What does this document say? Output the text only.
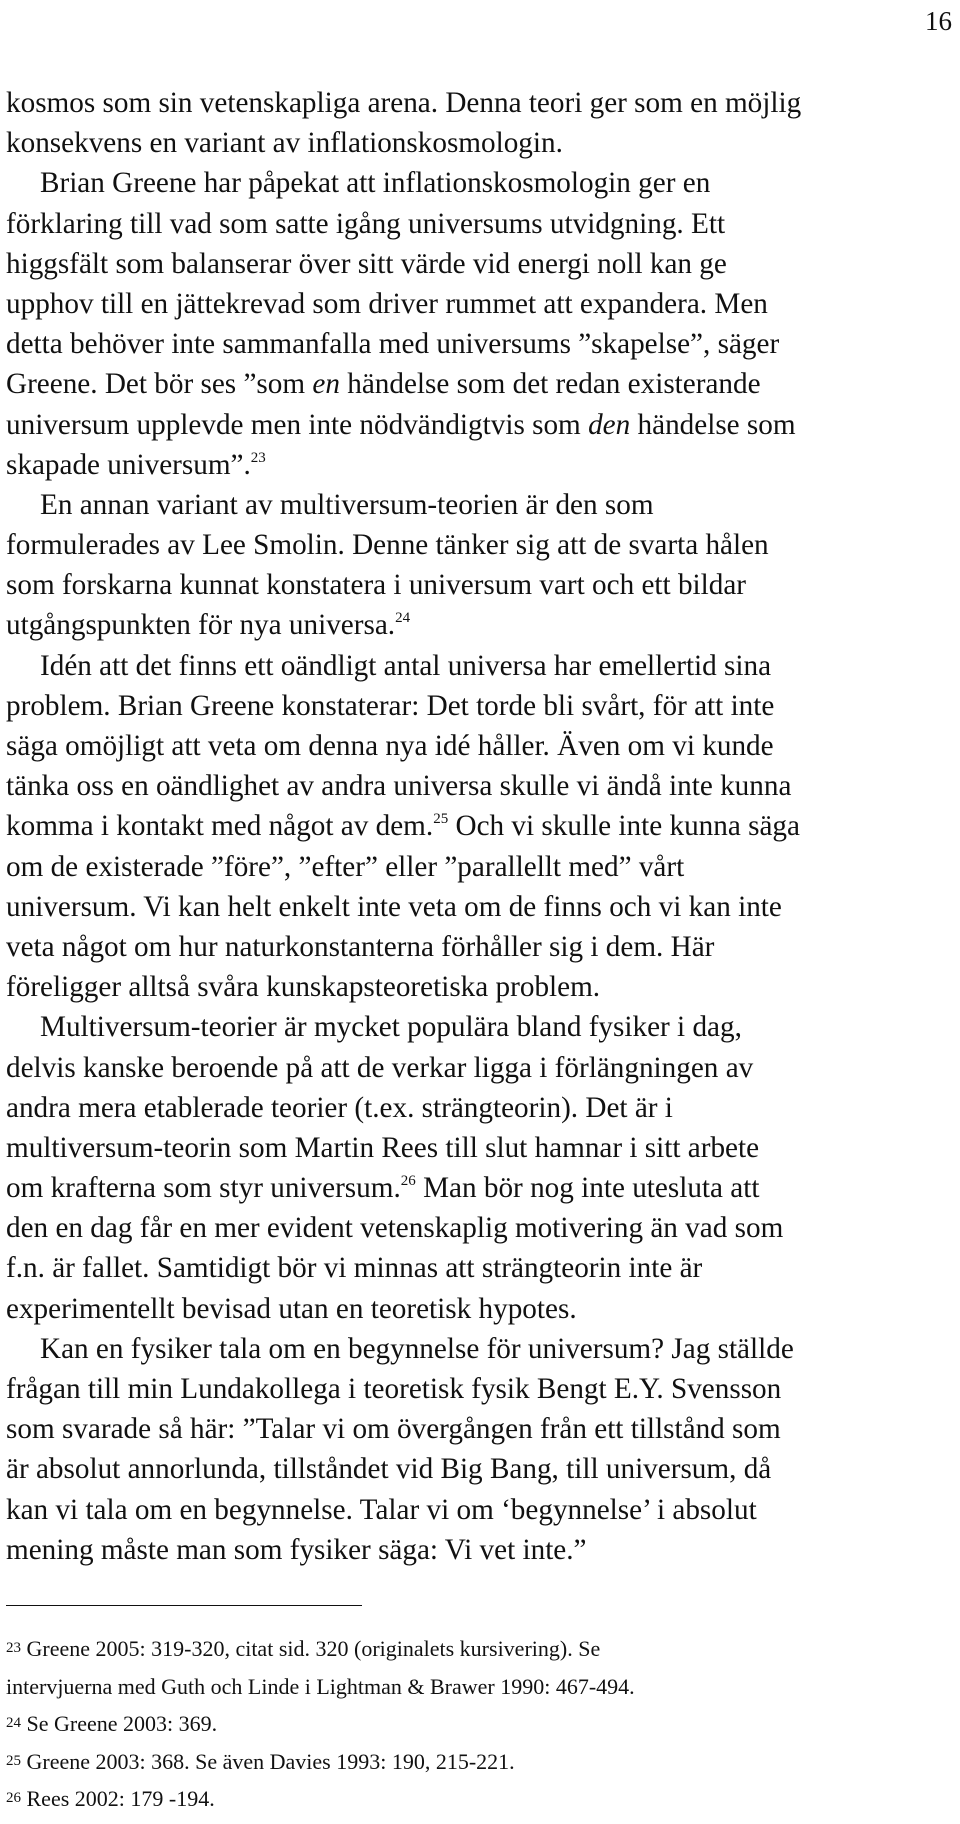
16
kosmos som sin vetenskapliga arena. Denna teori ger som en möjlig
konsekvens en variant av inflationskosmologin.
Brian Greene har påpekat att inflationskosmologin ger en
förklaring till vad som satte igång universums utvidgning. Ett
higgsfält som balanserar över sitt värde vid energi noll kan ge
upphov till en jättekrevad som driver rummet att expandera. Men
detta behöver inte sammanfalla med universums ”skapelse”, säger
Greene. Det bör ses ”som en händelse som det redan existerande
universum upplevde men inte nödvändigtvis som den händelse som
skapade universum”.$^{23}$
En annan variant av multiversum-teorien är den som
formulerades av Lee Smolin. Denne tänker sig att de svarta hålen
som forskarna kunnat konstatera i universum vart och ett bildar
utgångspunkten för nya universa.$^{24}$
Idén att det finns ett oändligt antal universa har emellertid sina
problem. Brian Greene konstaterar: Det torde bli svårt, för att inte
säga omöjligt att veta om denna nya idé håller. Även om vi kunde
tänka oss en oändlighet av andra universa skulle vi ändå inte kunna
komma i kontakt med något av dem.$^{25}$ Och vi skulle inte kunna säga
om de existerade ”före”, ”efter” eller ”parallellt med” vårt
universum. Vi kan helt enkelt inte veta om de finns och vi kan inte
veta något om hur naturkonstanterna förhåller sig i dem. Här
föreligger alltså svåra kunskapsteoretiska problem.
Multiversum-teorier är mycket populära bland fysiker i dag,
delvis kanske beroende på att de verkar ligga i förlängningen av
andra mera etablerade teorier (t.ex. strängteorin). Det är i
multiversum-teorin som Martin Rees till slut hamnar i sitt arbete
om krafterna som styr universum.$^{26}$ Man bör nog inte utesluta att
den en dag får en mer evident vetenskaplig motivering än vad som
f.n. är fallet. Samtidigt bör vi minnas att strängteorin inte är
experimentellt bevisad utan en teoretisk hypotes.
Kan en fysiker tala om en begynnelse för universum? Jag ställde
frågan till min Lundakollega i teoretisk fysik Bengt E.Y. Svensson
som svarade så här: ”Talar vi om övergången från ett tillstånd som
är absolut annorlunda, tillståndet vid Big Bang, till universum, då
kan vi tala om en begynnelse. Talar vi om ‘begynnelse’ i absolut
mening måste man som fysiker säga: Vi vet inte.”
23 Greene 2005: 319-320, citat sid. 320 (originalets kursivering). Se
intervjuerna med Guth och Linde i Lightman & Brawer 1990: 467-494.
24 Se Greene 2003: 369.
25 Greene 2003: 368. Se även Davies 1993: 190, 215-221.
26 Rees 2002: 179 -194.
